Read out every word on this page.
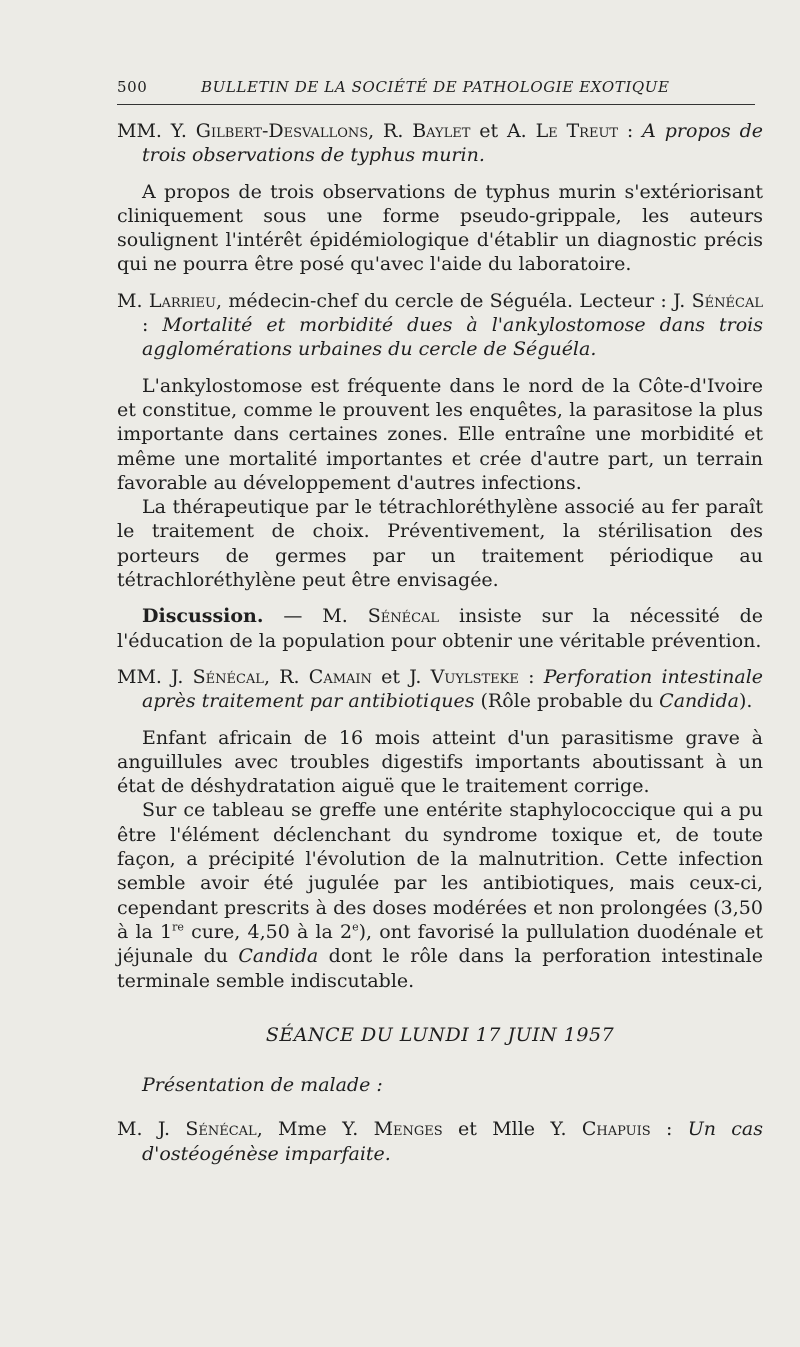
500	BULLETIN DE LA SOCIÉTÉ DE PATHOLOGIE EXOTIQUE

MM. Y. Gilbert-Desvallons, R. Baylet et A. Le Treut : A propos de trois observations de typhus murin.

A propos de trois observations de typhus murin s'extériorisant cliniquement sous une forme pseudo-grippale, les auteurs soulignent l'intérêt épidémiologique d'établir un diagnostic précis qui ne pourra être posé qu'avec l'aide du laboratoire.

M. Larrieu, médecin-chef du cercle de Séguéla. Lecteur : J. Sénécal : Mortalité et morbidité dues à l'ankylostomose dans trois agglomérations urbaines du cercle de Séguéla.

L'ankylostomose est fréquente dans le nord de la Côte-d'Ivoire et constitue, comme le prouvent les enquêtes, la parasitose la plus importante dans certaines zones. Elle entraîne une morbidité et même une mortalité importantes et crée d'autre part, un terrain favorable au développement d'autres infections.

La thérapeutique par le tétrachloréthylène associé au fer paraît le traitement de choix. Préventivement, la stérilisation des porteurs de germes par un traitement périodique au tétrachloréthylène peut être envisagée.

Discussion. — M. Sénécal insiste sur la nécessité de l'éducation de la population pour obtenir une véritable prévention.

MM. J. Sénécal, R. Camain et J. Vuylsteke : Perforation intestinale après traitement par antibiotiques (Rôle probable du Candida).

Enfant africain de 16 mois atteint d'un parasitisme grave à anguillules avec troubles digestifs importants aboutissant à un état de déshydratation aiguë que le traitement corrige.

Sur ce tableau se greffe une entérite staphylococcique qui a pu être l'élément déclenchant du syndrome toxique et, de toute façon, a précipité l'évolution de la malnutrition. Cette infection semble avoir été jugulée par les antibiotiques, mais ceux-ci, cependant prescrits à des doses modérées et non prolongées (3,50 à la 1re cure, 4,50 à la 2e), ont favorisé la pullulation duodénale et jéjunale du Candida dont le rôle dans la perforation intestinale terminale semble indiscutable.

SÉANCE DU LUNDI 17 JUIN 1957

Présentation de malade :

M. J. Sénécal, Mme Y. Menges et Mlle Y. Chapuis : Un cas d'ostéogénèse imparfaite.
